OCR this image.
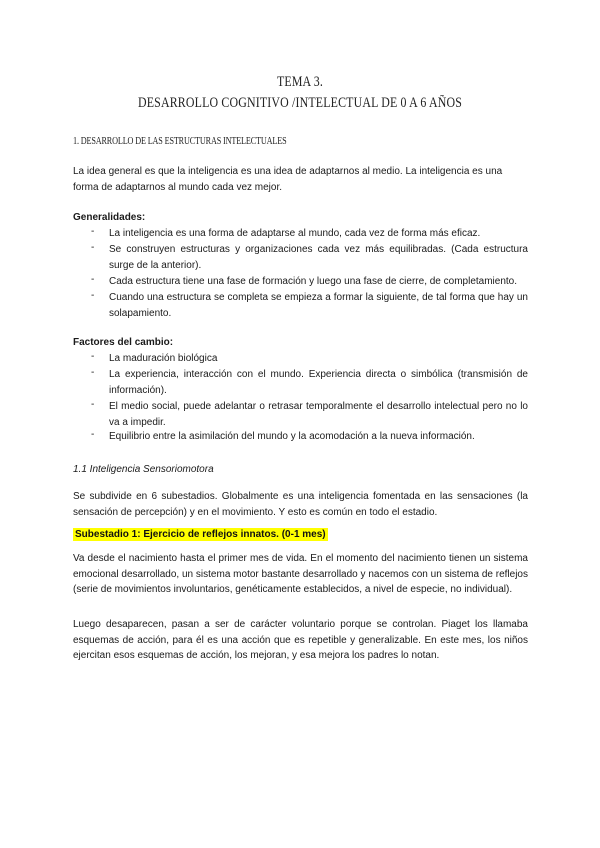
TEMA 3.
DESARROLLO COGNITIVO /INTELECTUAL DE 0 A 6 AÑOS
1. DESARROLLO DE LAS ESTRUCTURAS INTELECTUALES
La idea general es que la inteligencia es una idea de adaptarnos al medio. La inteligencia es una forma de adaptarnos al mundo cada vez mejor.
Generalidades:
- La inteligencia es una forma de adaptarse al mundo, cada vez de forma más eficaz.
- Se construyen estructuras y organizaciones cada vez más equilibradas. (Cada estructura surge de la anterior).
- Cada estructura tiene una fase de formación y luego una fase de cierre, de completamiento.
- Cuando una estructura se completa se empieza a formar la siguiente, de tal forma que hay un solapamiento.
Factores del cambio:
- La maduración biológica
- La experiencia, interacción con el mundo. Experiencia directa o simbólica (transmisión de información).
- El medio social, puede adelantar o retrasar temporalmente el desarrollo intelectual pero no lo va a impedir.
- Equilibrio entre la asimilación del mundo y la acomodación a la nueva información.
1.1 Inteligencia Sensoriomotora
Se subdivide en 6 subestadios. Globalmente es una inteligencia fomentada en las sensaciones (la sensación de percepción) y en el movimiento. Y esto es común en todo el estadio.
Subestadio 1: Ejercicio de reflejos innatos. (0-1 mes)
Va desde el nacimiento hasta el primer mes de vida. En el momento del nacimiento tienen un sistema emocional desarrollado, un sistema motor bastante desarrollado y nacemos con un sistema de reflejos (serie de movimientos involuntarios, genéticamente establecidos, a nivel de especie, no individual).
Luego desaparecen, pasan a ser de carácter voluntario porque se controlan. Piaget los llamaba esquemas de acción, para él es una acción que es repetible y generalizable. En este mes, los niños ejercitan esos esquemas de acción, los mejoran, y esa mejora los padres lo notan.
